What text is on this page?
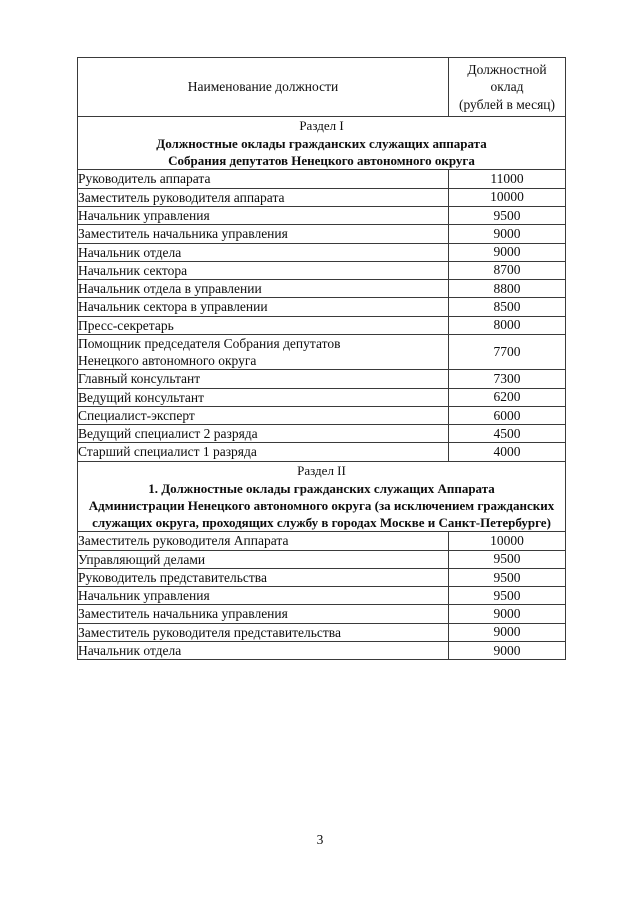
Наименование должности	Должностной
оклад
(рублей в месяц)

Раздел I
Должностные оклады гражданских служащих аппарата
Собрания депутатов Ненецкого автономного округа	

Руководитель аппарата	11000

Заместитель руководителя аппарата	10000

Начальник управления	9500

Заместитель начальника управления	9000

Начальник отдела	9000

Начальник сектора	8700

Начальник отдела в управлении	8800

Начальник сектора в управлении	8500

Пресс-секретарь	8000

Помощник председателя Собрания депутатов
Ненецкого автономного округа	7700

Главный консультант	7300

Ведущий консультант	6200

Специалист-эксперт	6000

Ведущий специалист 2 разряда	4500

Старший специалист 1 разряда	4000

Раздел II
1. Должностные оклады гражданских служащих Аппарата
Администрации Ненецкого автономного округа (за исключением гражданских
служащих округа, проходящих службу в городах Москве и Санкт-Петербурге)	

Заместитель руководителя Аппарата	10000

Управляющий делами	9500

Руководитель представительства	9500

Начальник управления	9500

Заместитель начальника управления	9000

Заместитель руководителя представительства	9000

Начальник отдела	9000
3
